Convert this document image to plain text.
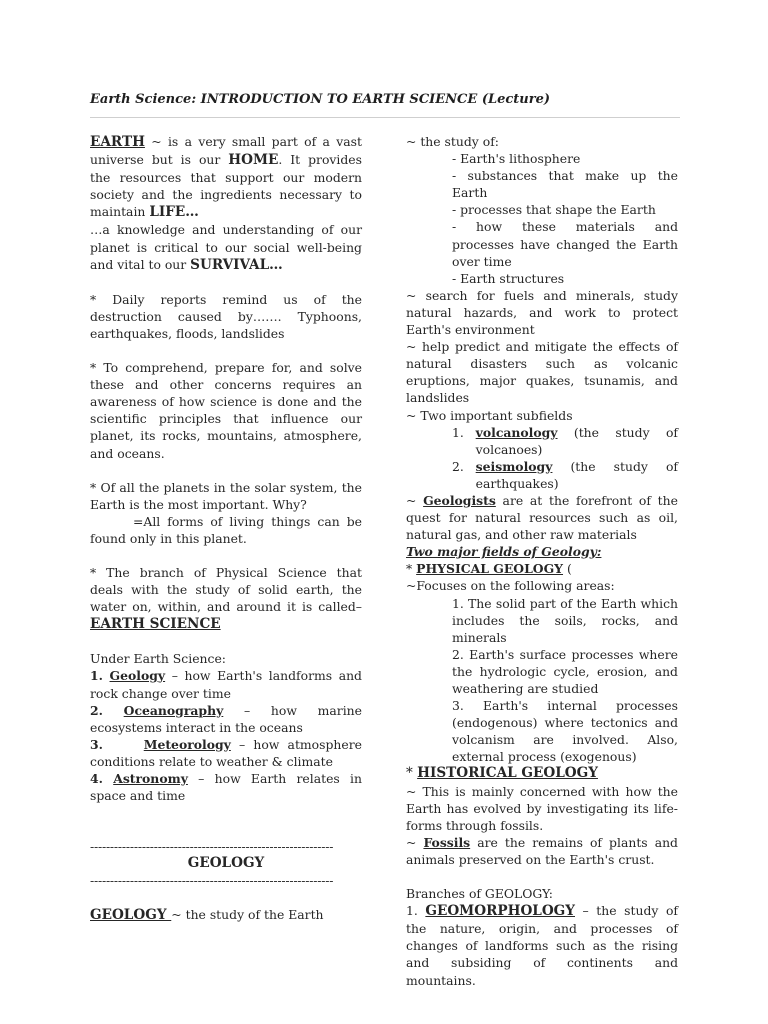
Earth Science: INTRODUCTION TO EARTH SCIENCE (Lecture)

EARTH ~ is a very small part of a vast universe but is our HOME. It provides the resources that support our modern society and the ingredients necessary to maintain LIFE…

…a knowledge and understanding of our planet is critical to our social well-being and vital to our SURVIVAL…

* Daily reports remind us of the destruction caused by……. Typhoons, earthquakes, floods, landslides

* To comprehend, prepare for, and solve these and other concerns requires an awareness of how science is done and the scientific principles that influence our planet, its rocks, mountains, atmosphere, and oceans.

* Of all the planets in the solar system, the Earth is the most important. Why?

=All forms of living things can be found only in this planet.

* The branch of Physical Science that deals with the study of solid earth, the water on, within, and around it is called– EARTH SCIENCE

Under Earth Science:

1. Geology – how Earth's landforms and rock change over time

2. Oceanography – how marine ecosystems interact in the oceans

3.	Meteorology – how atmosphere conditions relate to weather & climate

4. Astronomy – how Earth relates in space and time

-------------------------------------------------------------

GEOLOGY

-------------------------------------------------------------

GEOLOGY ~ the study of the Earth

~ the study of:

- Earth's lithosphere

- substances that make up the Earth

- processes that shape the Earth

- how these materials and processes have changed the Earth over time

- Earth structures

~ search for fuels and minerals, study natural hazards, and work to protect Earth's environment

~ help predict and mitigate the effects of natural disasters such as volcanic eruptions, major quakes, tsunamis, and landslides

~ Two important subfields

1.
volcanology (the study of volcanoes)
2.
seismology (the study of earthquakes)

~ Geologists are at the forefront of the quest for natural resources such as oil, natural gas, and other raw materials

Two major fields of Geology:

* PHYSICAL GEOLOGY (

~Focuses on the following areas:

1. The solid part of the Earth which includes the soils, rocks, and minerals

2. Earth's surface processes where the hydrologic cycle, erosion, and weathering are studied

3. Earth's internal processes (endogenous) where tectonics and volcanism are involved. Also, external process (exogenous)

* HISTORICAL GEOLOGY

~ This is mainly concerned with how the Earth has evolved by investigating its life-forms through fossils.

~ Fossils are the remains of plants and animals preserved on the Earth's crust.

Branches of GEOLOGY:

1. GEOMORPHOLOGY – the study of the nature, origin, and processes of changes of landforms such as the rising and subsiding of continents and mountains.
